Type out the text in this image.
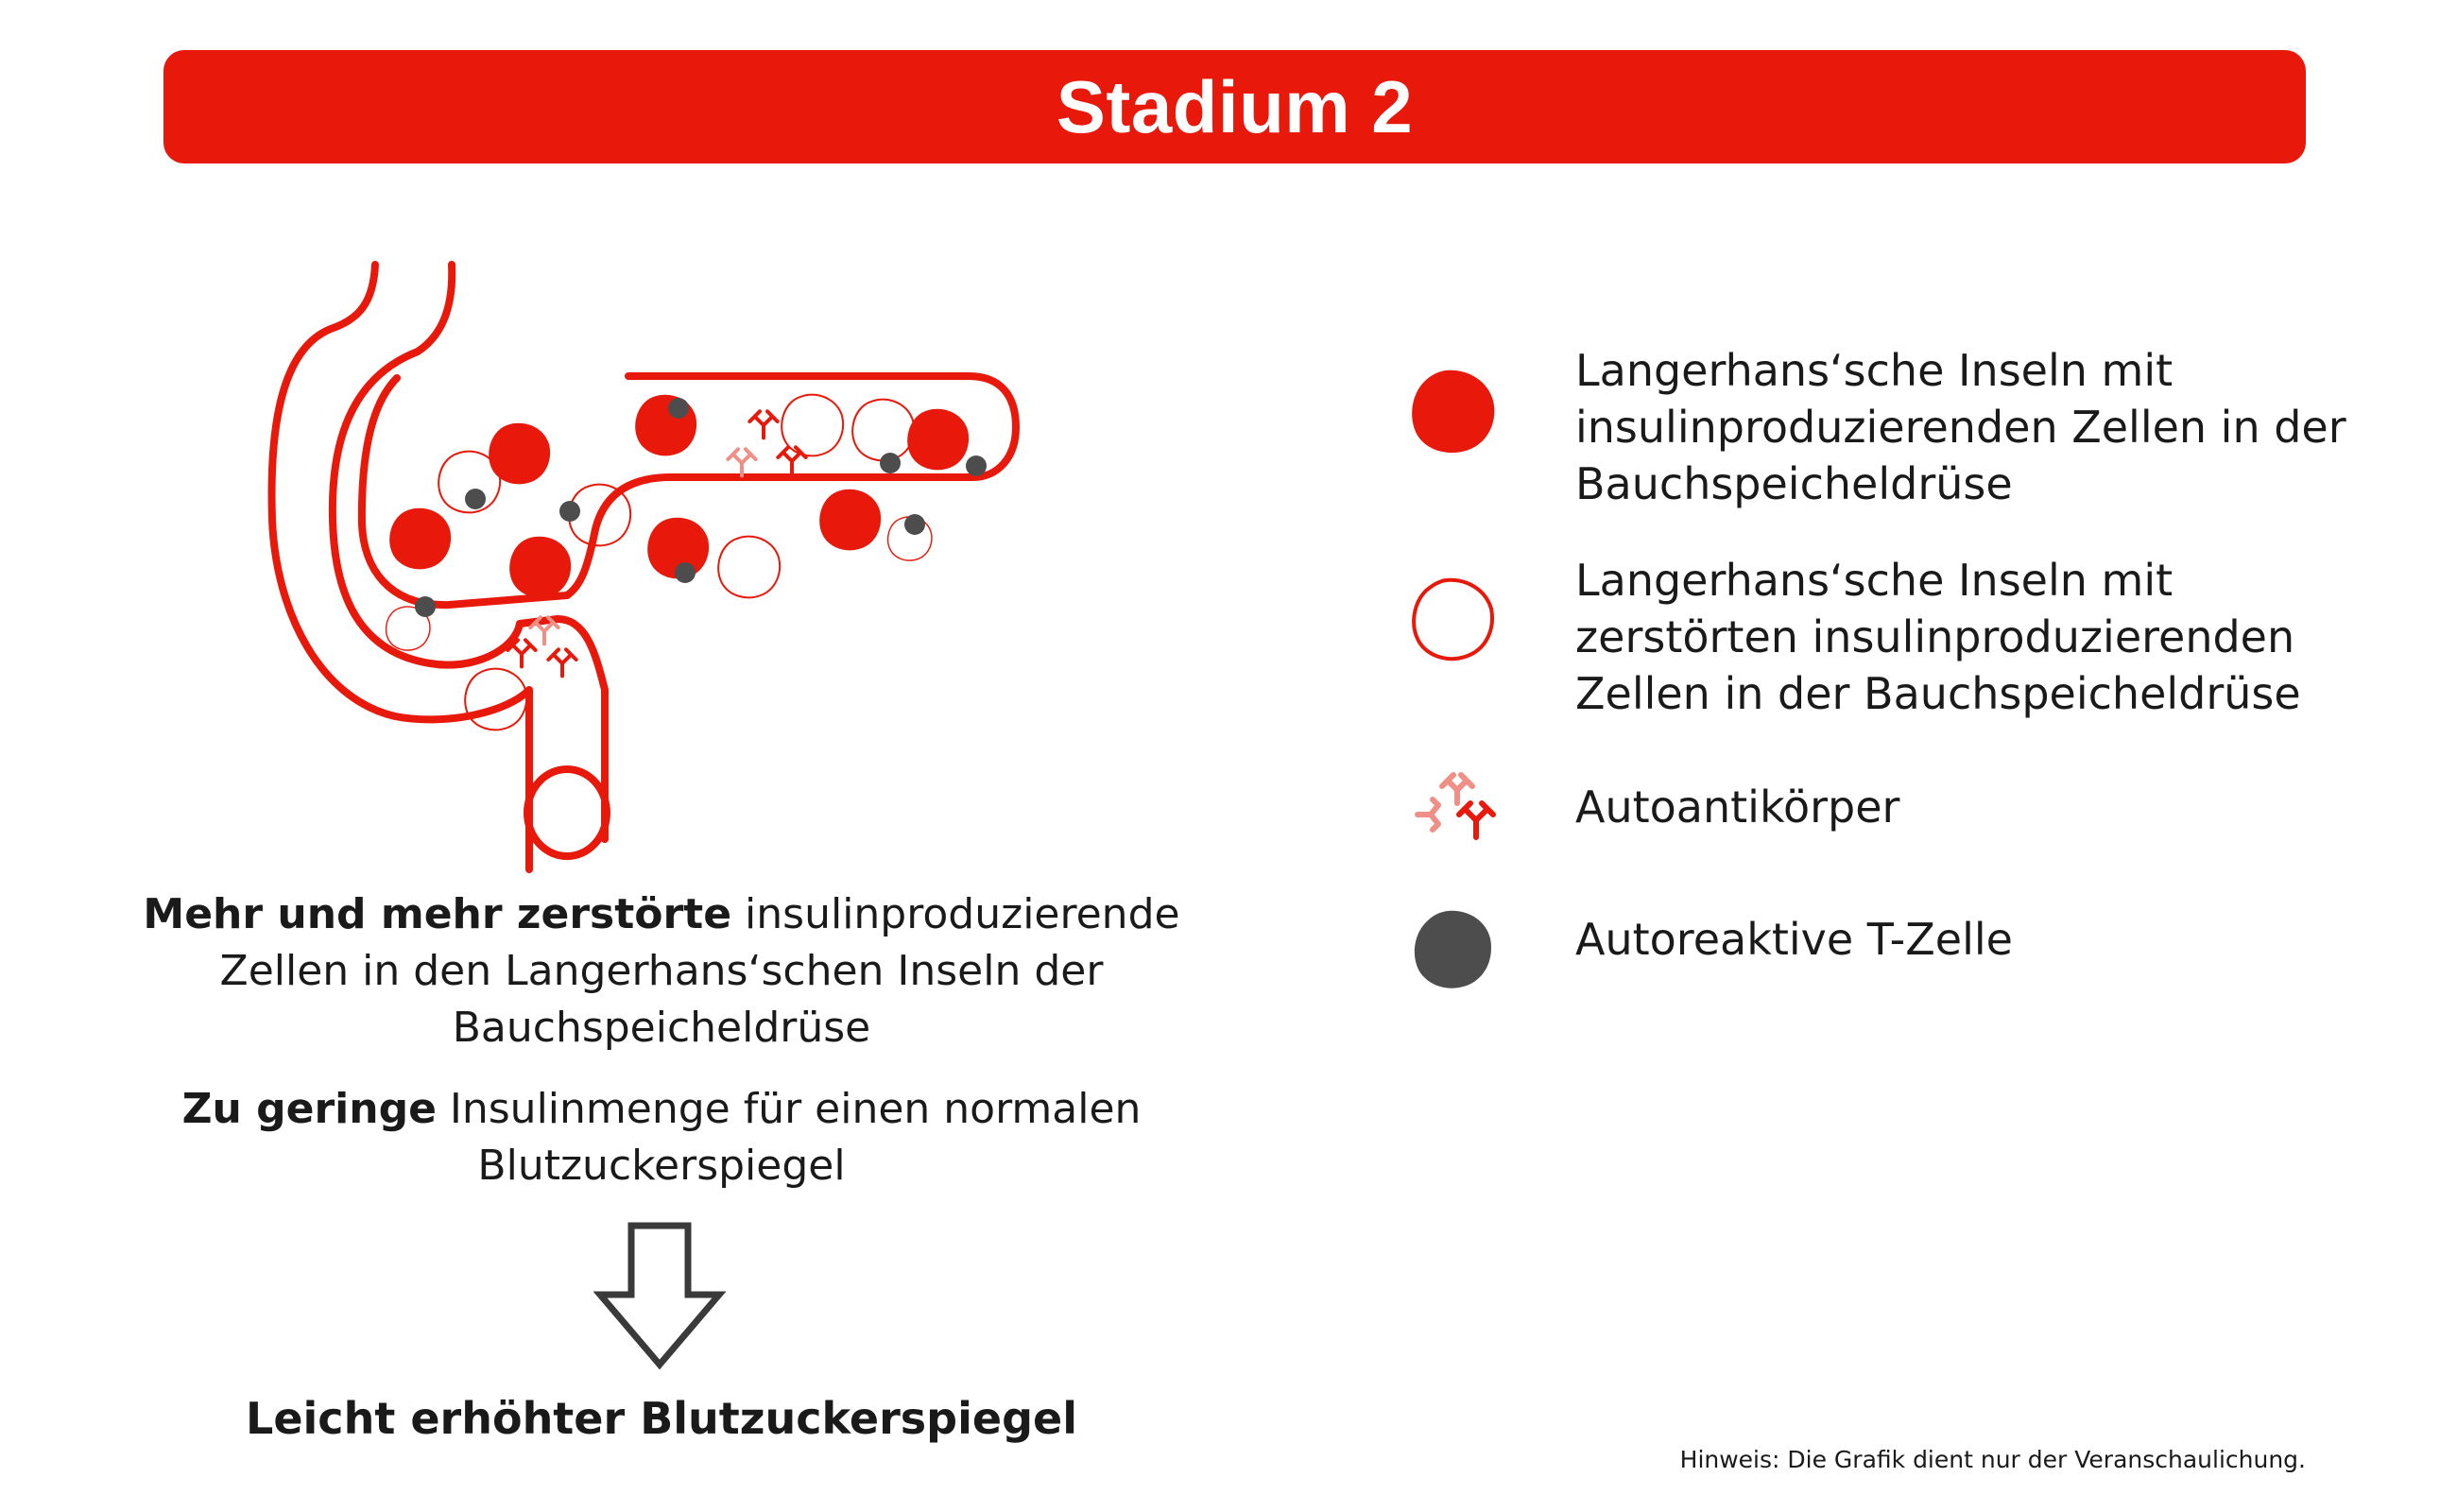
Stadium 2

Mehr und mehr zerstörte insulinproduzierende Zellen in den Langerhans‘schen Inseln der Bauchspeicheldrüse

Zu geringe Insulinmenge für einen normalen Blutzuckerspiegel

Leicht erhöhter Blutzuckerspiegel

Langerhans‘sche Inseln mit insulinproduzierenden Zellen in der Bauchspeicheldrüse
Langerhans‘sche Inseln mit zerstörten insulinproduzierenden Zellen in der Bauchspeicheldrüse
Autoantikörper
Autoreaktive T-Zelle
Hinweis: Die Grafik dient nur der Veranschaulichung.
